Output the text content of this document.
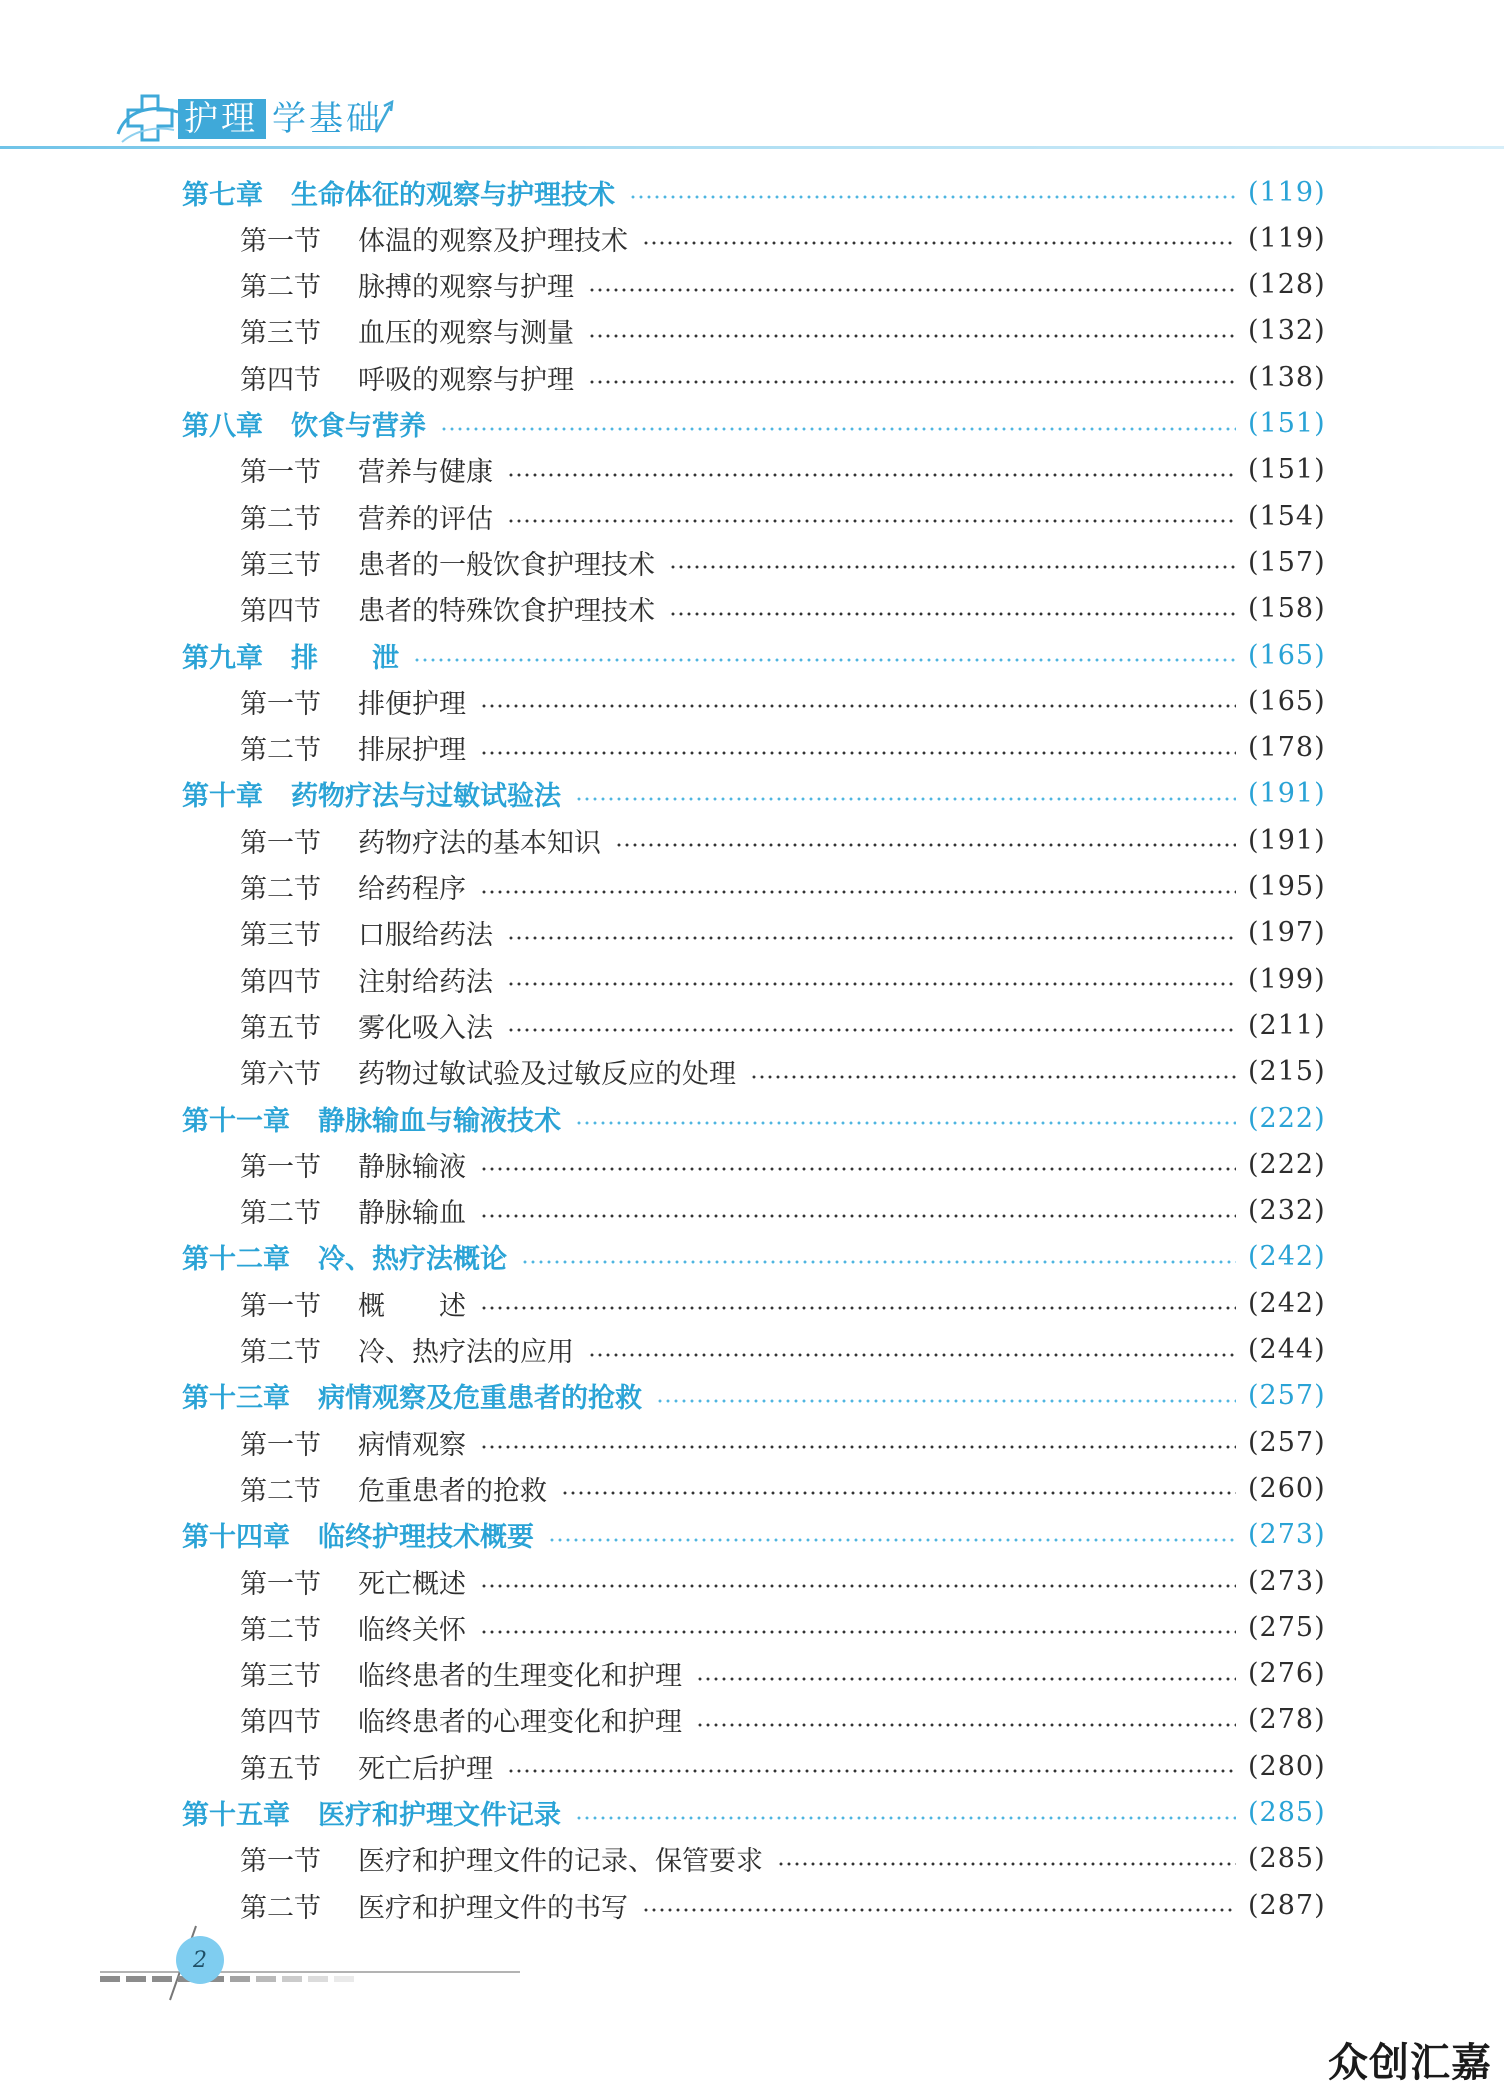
护理 学基础
第七章	生命体征的观察与护理技术	(119)
第一节	体温的观察及护理技术	(119)
第二节	脉搏的观察与护理	(128)
第三节	血压的观察与测量	(132)
第四节	呼吸的观察与护理	(138)
第八章	饮食与营养	(151)
第一节	营养与健康	(151)
第二节	营养的评估	(154)
第三节	患者的一般饮食护理技术	(157)
第四节	患者的特殊饮食护理技术	(158)
第九章	排　　泄	(165)
第一节	排便护理	(165)
第二节	排尿护理	(178)
第十章	药物疗法与过敏试验法	(191)
第一节	药物疗法的基本知识	(191)
第二节	给药程序	(195)
第三节	口服给药法	(197)
第四节	注射给药法	(199)
第五节	雾化吸入法	(211)
第六节	药物过敏试验及过敏反应的处理	(215)
第十一章	静脉输血与输液技术	(222)
第一节	静脉输液	(222)
第二节	静脉输血	(232)
第十二章	冷、热疗法概论	(242)
第一节	概　　述	(242)
第二节	冷、热疗法的应用	(244)
第十三章	病情观察及危重患者的抢救	(257)
第一节	病情观察	(257)
第二节	危重患者的抢救	(260)
第十四章	临终护理技术概要	(273)
第一节	死亡概述	(273)
第二节	临终关怀	(275)
第三节	临终患者的生理变化和护理	(276)
第四节	临终患者的心理变化和护理	(278)
第五节	死亡后护理	(280)
第十五章	医疗和护理文件记录	(285)
第一节	医疗和护理文件的记录、保管要求	(285)
第二节	医疗和护理文件的书写	(287)
2
众创汇嘉
